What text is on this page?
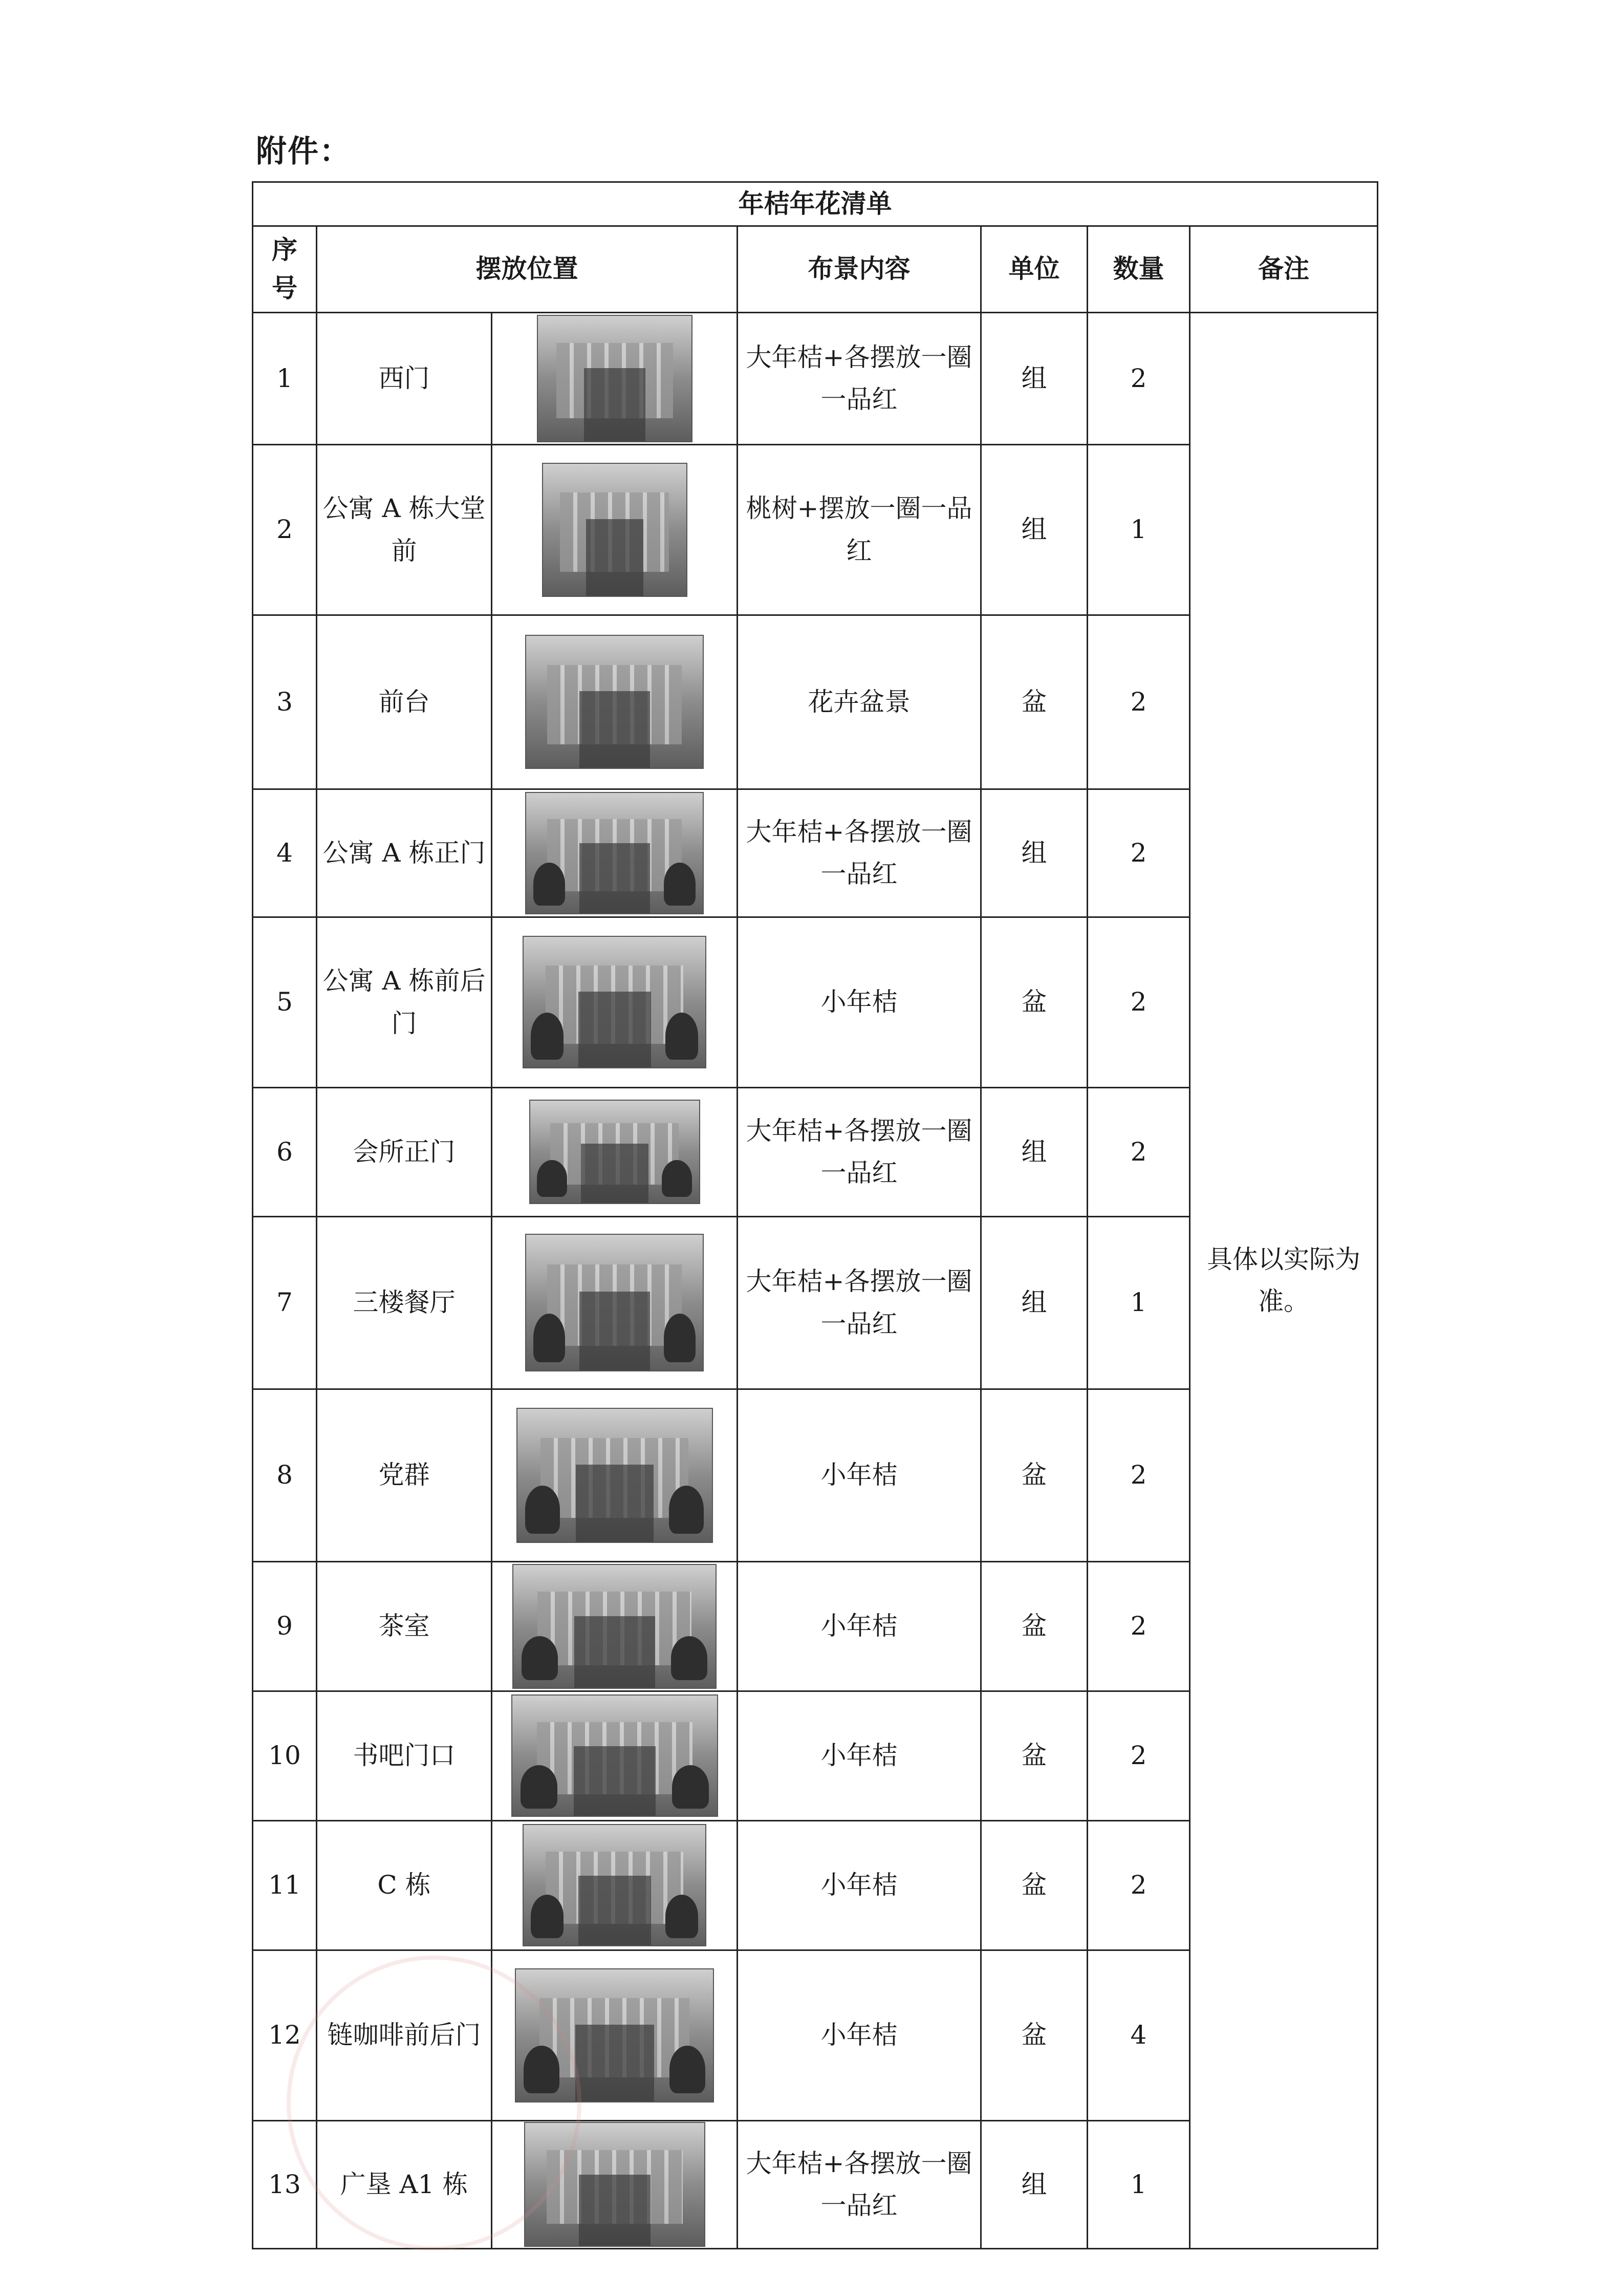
附件：
年桔年花清单						
序
号	摆放位置		布景内容	单位	数量	备注
1	西门		大年桔+各摆放一圈一品红	组	2	具体以实际为准。
2	公寓 A 栋大堂前		桃树+摆放一圈一品红	组	1	
3	前台		花卉盆景	盆	2	
4	公寓 A 栋正门		大年桔+各摆放一圈一品红	组	2	
5	公寓 A 栋前后门		小年桔	盆	2	
6	会所正门		大年桔+各摆放一圈一品红	组	2	
7	三楼餐厅		大年桔+各摆放一圈一品红	组	1	
8	党群		小年桔	盆	2	
9	茶室		小年桔	盆	2	
10	书吧门口		小年桔	盆	2	
11	C 栋		小年桔	盆	2	
12	链咖啡前后门		小年桔	盆	4	
13	广垦 A1 栋		大年桔+各摆放一圈一品红	组	1	
